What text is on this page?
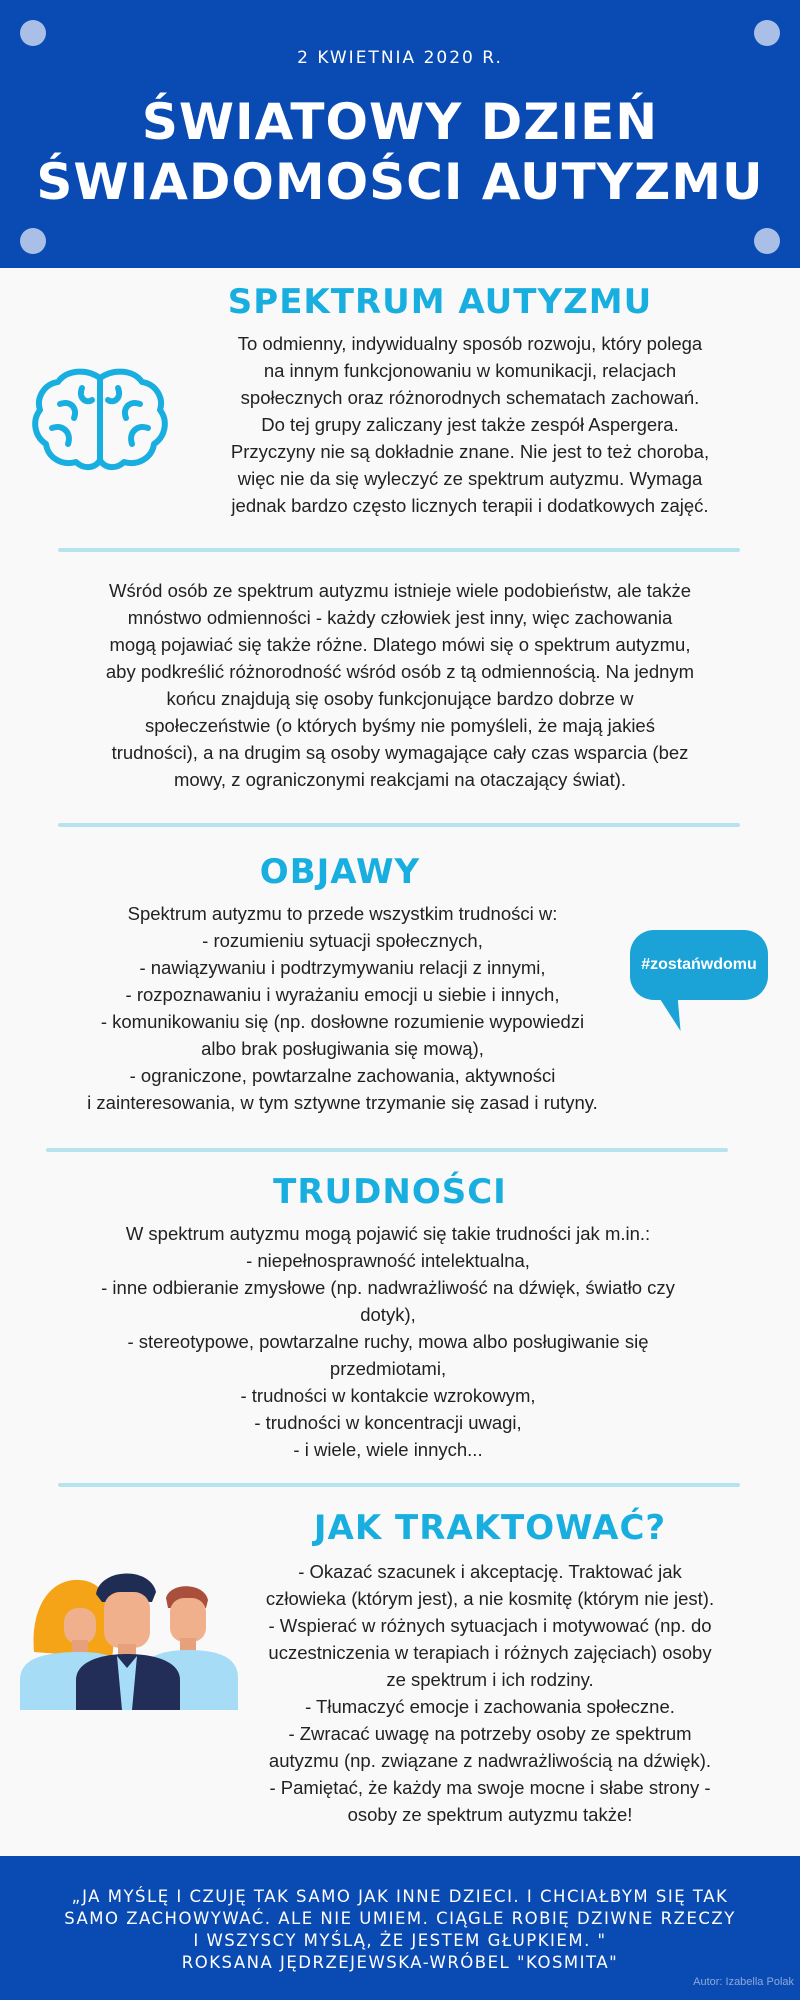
2 KWIETNIA 2020 R.
ŚWIATOWY DZIEŃ
ŚWIADOMOŚCI AUTYZMU
SPEKTRUM AUTYZMU
To odmienny, indywidualny sposób rozwoju, który polega
na innym funkcjonowaniu w komunikacji, relacjach
społecznych oraz różnorodnych schematach zachowań.
Do tej grupy zaliczany jest także zespół Aspergera.
Przyczyny nie są dokładnie znane. Nie jest to też choroba,
więc nie da się wyleczyć ze spektrum autyzmu. Wymaga
jednak bardzo często licznych terapii i dodatkowych zajęć.
Wśród osób ze spektrum autyzmu istnieje wiele podobieństw, ale także
mnóstwo odmienności - każdy człowiek jest inny, więc zachowania
mogą pojawiać się także różne. Dlatego mówi się o spektrum autyzmu,
aby podkreślić różnorodność wśród osób z tą odmiennością. Na jednym
końcu znajdują się osoby funkcjonujące bardzo dobrze w
społeczeństwie (o których byśmy nie pomyśleli, że mają jakieś
trudności), a na drugim są osoby wymagające cały czas wsparcia (bez
mowy, z ograniczonymi reakcjami na otaczający świat).
OBJAWY
Spektrum autyzmu to przede wszystkim trudności w:
- rozumieniu sytuacji społecznych,
- nawiązywaniu i podtrzymywaniu relacji z innymi,
- rozpoznawaniu i wyrażaniu emocji u siebie i innych,
- komunikowaniu się (np. dosłowne rozumienie wypowiedzi
albo brak posługiwania się mową),
- ograniczone, powtarzalne zachowania, aktywności
i zainteresowania, w tym sztywne trzymanie się zasad i rutyny.
#zostańwdomu
TRUDNOŚCI
W spektrum autyzmu mogą pojawić się takie trudności jak m.in.:
- niepełnosprawność intelektualna,
- inne odbieranie zmysłowe (np. nadwrażliwość na dźwięk, światło czy
dotyk),
- stereotypowe, powtarzalne ruchy, mowa albo posługiwanie się
przedmiotami,
- trudności w kontakcie wzrokowym,
- trudności w koncentracji uwagi,
- i wiele, wiele innych...
JAK TRAKTOWAĆ?
- Okazać szacunek i akceptację. Traktować jak
człowieka (którym jest), a nie kosmitę (którym nie jest).
- Wspierać w różnych sytuacjach i motywować (np. do
uczestniczenia w terapiach i różnych zajęciach) osoby
ze spektrum i ich rodziny.
- Tłumaczyć emocje i zachowania społeczne.
- Zwracać uwagę na potrzeby osoby ze spektrum
autyzmu (np. związane z nadwrażliwością na dźwięk).
- Pamiętać, że każdy ma swoje mocne i słabe strony -
osoby ze spektrum autyzmu także!
„JA MYŚLĘ I CZUJĘ TAK SAMO JAK INNE DZIECI. I CHCIAŁBYM SIĘ TAK
SAMO ZACHOWYWAĆ. ALE NIE UMIEM. CIĄGLE ROBIĘ DZIWNE RZECZY
I WSZYSCY MYŚLĄ, ŻE JESTEM GŁUPKIEM. "
ROKSANA JĘDRZEJEWSKA-WRÓBEL "KOSMITA"
Autor: Izabella Polak
